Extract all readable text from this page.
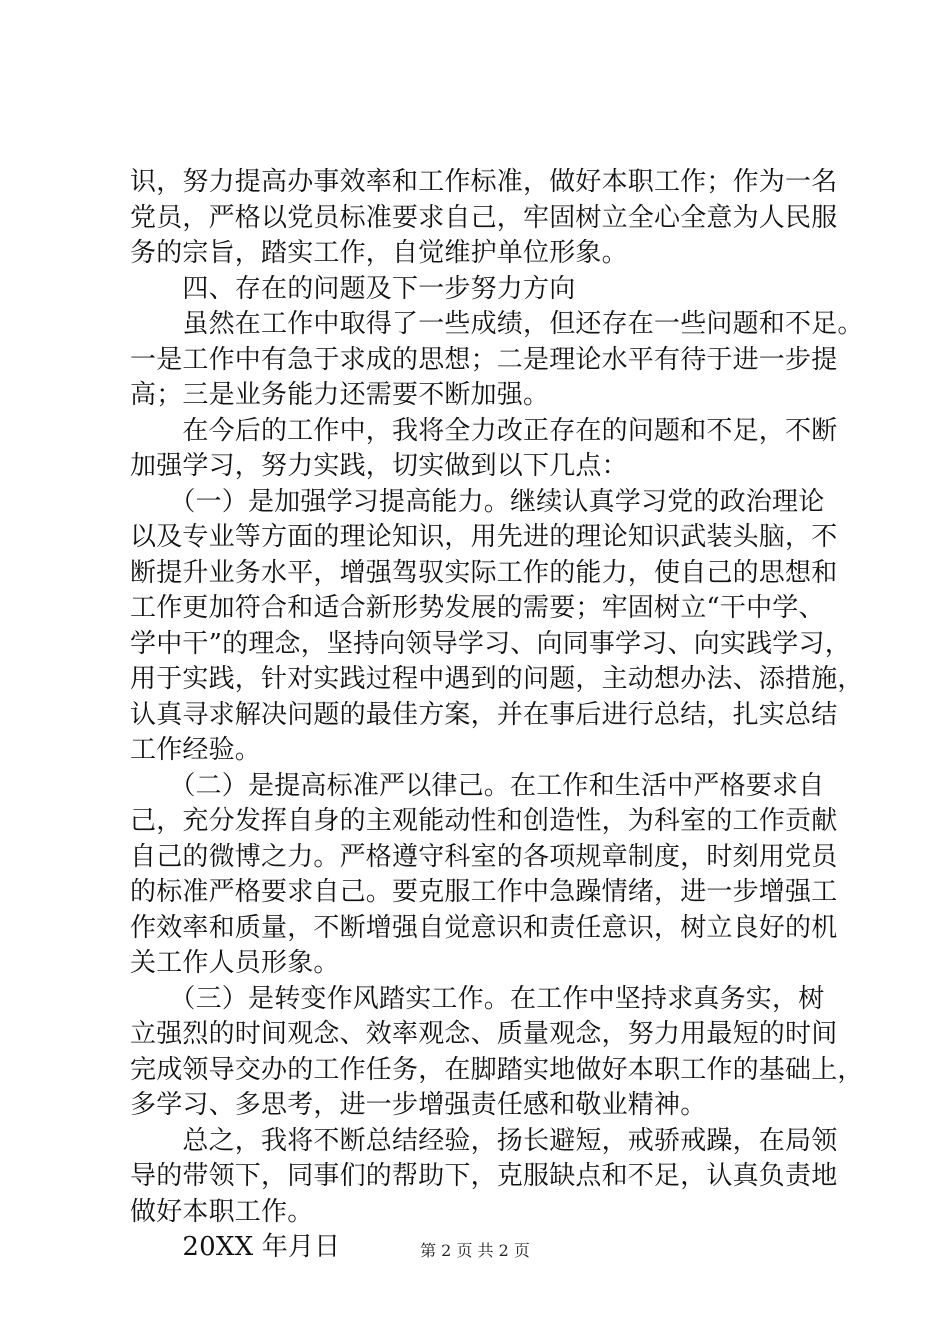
识，努力提高办事效率和工作标准，做好本职工作；作为一名
党员，严格以党员标准要求自己，牢固树立全心全意为人民服
务的宗旨，踏实工作，自觉维护单位形象。
　　四、存在的问题及下一步努力方向
　　虽然在工作中取得了一些成绩，但还存在一些问题和不足。
一是工作中有急于求成的思想；二是理论水平有待于进一步提
高；三是业务能力还需要不断加强。
　　在今后的工作中，我将全力改正存在的问题和不足，不断
加强学习，努力实践，切实做到以下几点：
　　（一）是加强学习提高能力。继续认真学习党的政治理论
以及专业等方面的理论知识，用先进的理论知识武装头脑，不
断提升业务水平，增强驾驭实际工作的能力，使自己的思想和
工作更加符合和适合新形势发展的需要；牢固树立“干中学、
学中干”的理念，坚持向领导学习、向同事学习、向实践学习，
用于实践，针对实践过程中遇到的问题，主动想办法、添措施，
认真寻求解决问题的最佳方案，并在事后进行总结，扎实总结
工作经验。
　　（二）是提高标准严以律己。在工作和生活中严格要求自
己，充分发挥自身的主观能动性和创造性，为科室的工作贡献
自己的微博之力。严格遵守科室的各项规章制度，时刻用党员
的标准严格要求自己。要克服工作中急躁情绪，进一步增强工
作效率和质量，不断增强自觉意识和责任意识，树立良好的机
关工作人员形象。
　　（三）是转变作风踏实工作。在工作中坚持求真务实，树
立强烈的时间观念、效率观念、质量观念，努力用最短的时间
完成领导交办的工作任务，在脚踏实地做好本职工作的基础上，
多学习、多思考，进一步增强责任感和敬业精神。
　　总之，我将不断总结经验，扬长避短，戒骄戒躁，在局领
导的带领下，同事们的帮助下，克服缺点和不足，认真负责地
做好本职工作。
　　20XX 年月日	第 2 页 共 2 页
